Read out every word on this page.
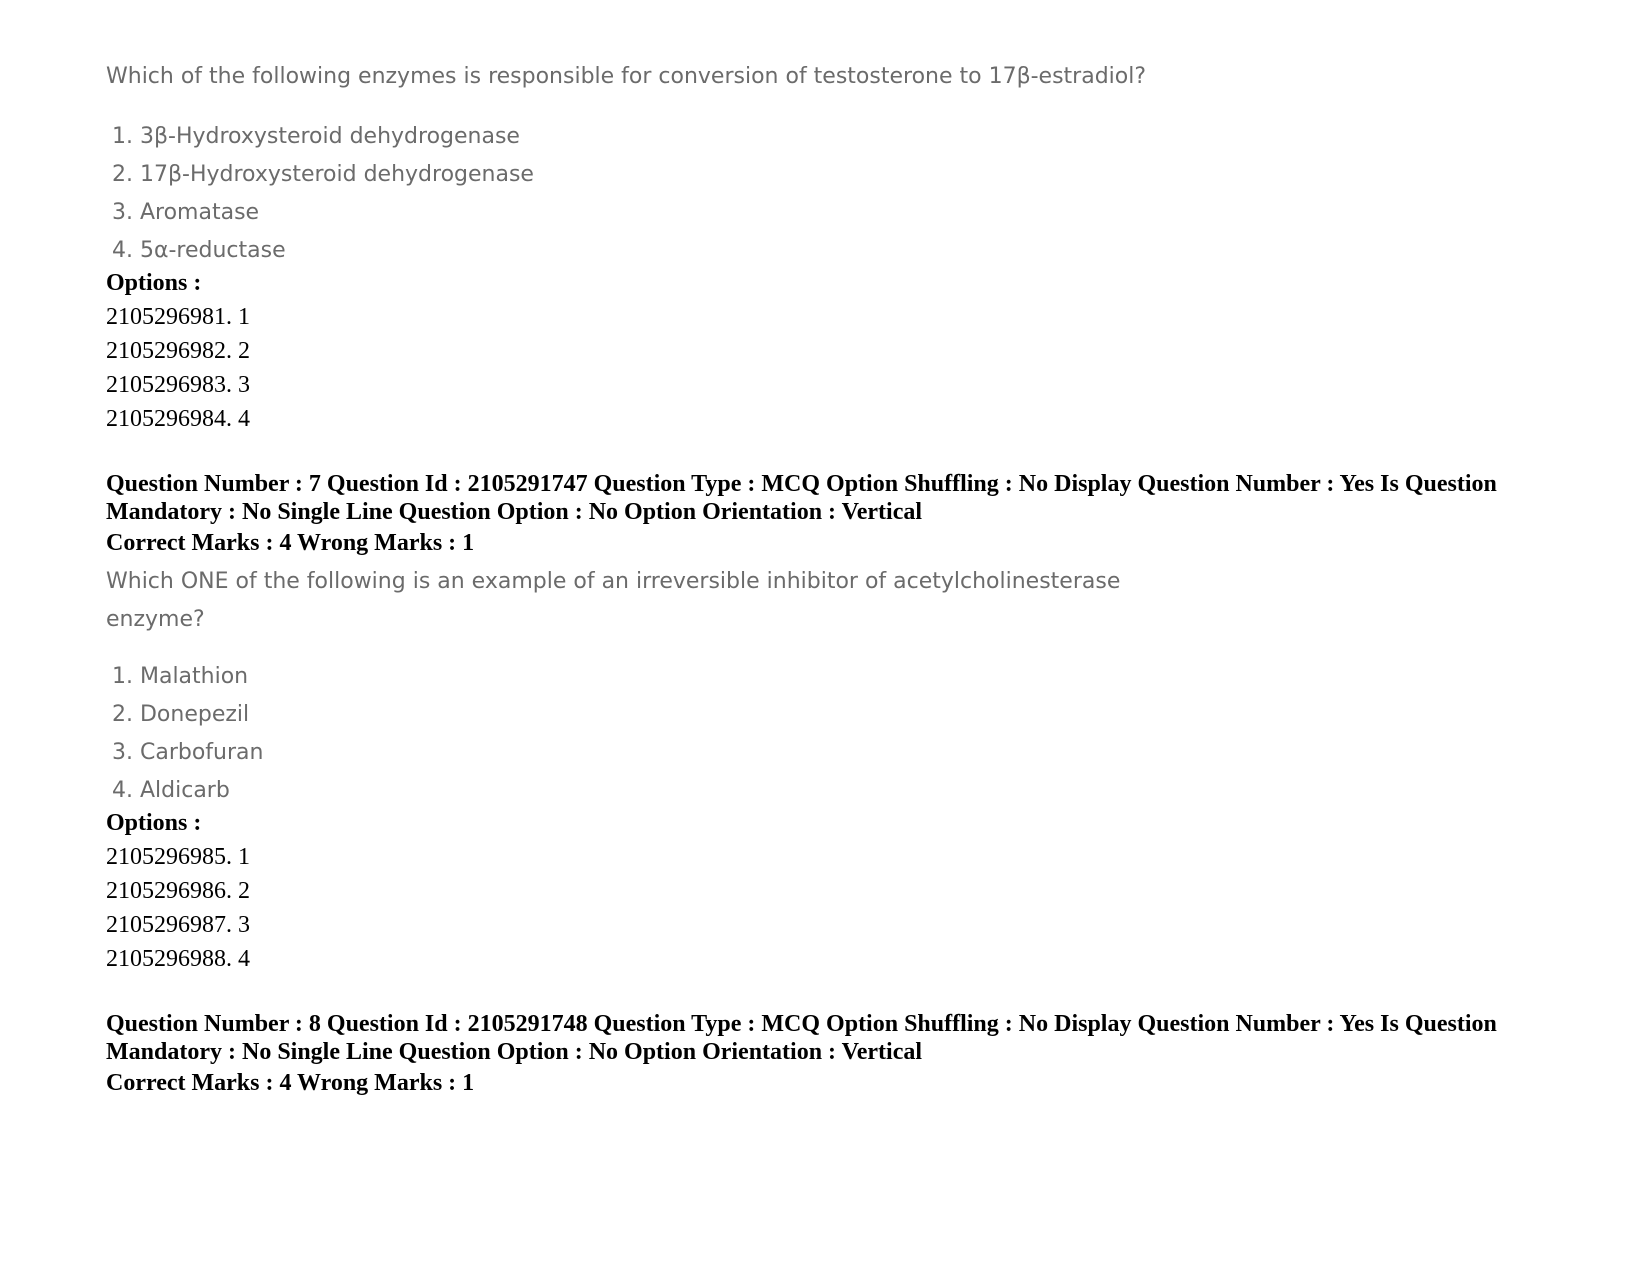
Which of the following enzymes is responsible for conversion of testosterone to 17β-estradiol?

1. 3β-Hydroxysteroid dehydrogenase
2. 17β-Hydroxysteroid dehydrogenase
3. Aromatase
4. 5α-reductase

Options :

2105296981. 1
2105296982. 2
2105296983. 3
2105296984. 4

Question Number : 7 Question Id : 2105291747 Question Type : MCQ Option Shuffling : No Display Question Number : Yes Is Question

Mandatory : No Single Line Question Option : No Option Orientation : Vertical

Correct Marks : 4 Wrong Marks : 1

Which ONE of the following is an example of an irreversible inhibitor of acetylcholinesterase

enzyme?

1. Malathion
2. Donepezil
3. Carbofuran
4. Aldicarb

Options :

2105296985. 1
2105296986. 2
2105296987. 3
2105296988. 4

Question Number : 8 Question Id : 2105291748 Question Type : MCQ Option Shuffling : No Display Question Number : Yes Is Question

Mandatory : No Single Line Question Option : No Option Orientation : Vertical

Correct Marks : 4 Wrong Marks : 1
